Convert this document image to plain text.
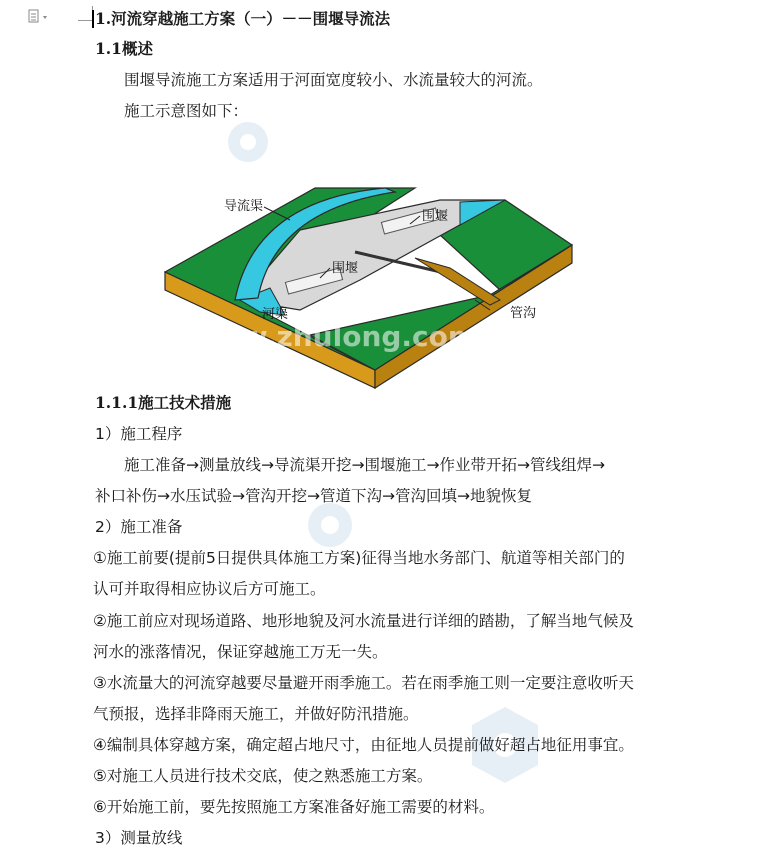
1.河流穿越施工方案（一）－－围堰导流法
1.1概述
围堰导流施工方案适用于河面宽度较小、水流量较大的河流。
施工示意图如下：
导流渠
围堰
围堰
河渠	管沟
www.zhulong.com
1.1.1施工技术措施
1）施工程序
施工准备→测量放线→导流渠开挖→围堰施工→作业带开拓→管线组焊→
补口补伤→水压试验→管沟开挖→管道下沟→管沟回填→地貌恢复
2）施工准备
①施工前要(提前5日提供具体施工方案)征得当地水务部门、航道等相关部门的
认可并取得相应协议后方可施工。
②施工前应对现场道路、地形地貌及河水流量进行详细的踏勘，了解当地气候及
河水的涨落情况，保证穿越施工万无一失。
③水流量大的河流穿越要尽量避开雨季施工。若在雨季施工则一定要注意收听天
气预报，选择非降雨天施工，并做好防汛措施。
④编制具体穿越方案，确定超占地尺寸，由征地人员提前做好超占地征用事宜。
⑤对施工人员进行技术交底，使之熟悉施工方案。
⑥开始施工前，要先按照施工方案准备好施工需要的材料。
3）测量放线
